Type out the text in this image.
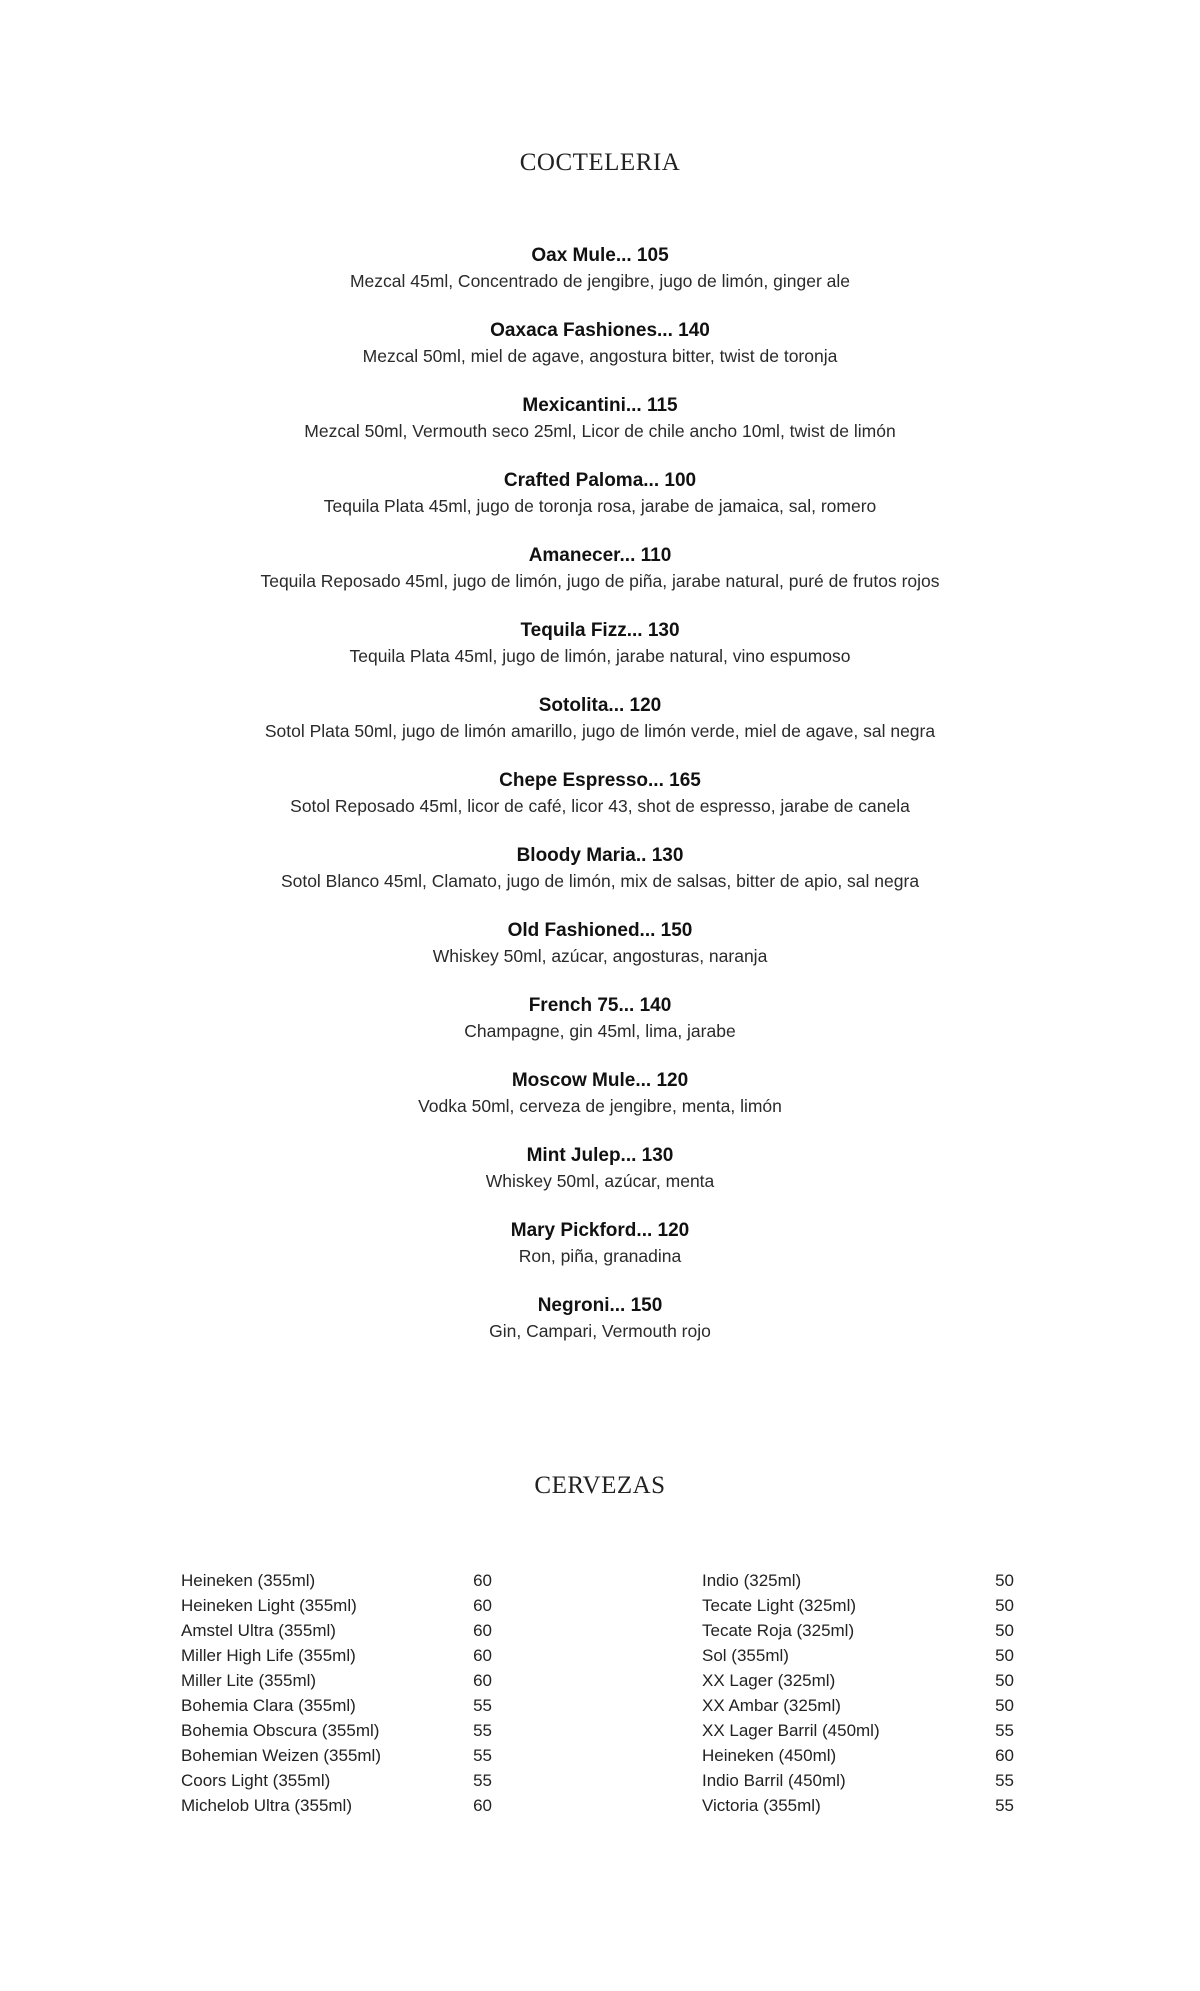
COCTELERIA
Oax Mule... 105
Mezcal 45ml, Concentrado de jengibre, jugo de limón, ginger ale
Oaxaca Fashiones... 140
Mezcal 50ml, miel de agave, angostura bitter, twist de toronja
Mexicantini... 115
Mezcal 50ml, Vermouth seco 25ml, Licor de chile ancho 10ml, twist de limón
Crafted Paloma... 100
Tequila Plata 45ml, jugo de toronja rosa, jarabe de jamaica, sal, romero
Amanecer... 110
Tequila Reposado 45ml, jugo de limón, jugo de piña, jarabe natural, puré de frutos rojos
Tequila Fizz... 130
Tequila Plata 45ml, jugo de limón, jarabe natural, vino espumoso
Sotolita... 120
Sotol Plata 50ml, jugo de limón amarillo, jugo de limón verde, miel de agave, sal negra
Chepe Espresso... 165
Sotol Reposado 45ml, licor de café, licor 43, shot de espresso, jarabe de canela
Bloody Maria.. 130
Sotol Blanco 45ml, Clamato, jugo de limón, mix de salsas, bitter de apio, sal negra
Old Fashioned... 150
Whiskey 50ml, azúcar, angosturas, naranja
French 75... 140
Champagne, gin 45ml, lima, jarabe
Moscow Mule... 120
Vodka 50ml, cerveza de jengibre, menta, limón
Mint Julep... 130
Whiskey 50ml, azúcar, menta
Mary Pickford... 120
Ron, piña, granadina
Negroni... 150
Gin, Campari, Vermouth rojo
CERVEZAS
Heineken (355ml)	60
Heineken Light (355ml)	60
Amstel Ultra (355ml)	60
Miller High Life (355ml)	60
Miller Lite (355ml)	60
Bohemia Clara (355ml)	55
Bohemia Obscura (355ml)	55
Bohemian Weizen (355ml)	55
Coors Light (355ml)	55
Michelob Ultra (355ml)	60
Indio (325ml)	50
Tecate Light (325ml)	50
Tecate Roja (325ml)	50
Sol (355ml)	50
XX Lager (325ml)	50
XX Ambar (325ml)	50
XX Lager Barril (450ml)	55
Heineken (450ml)	60
Indio Barril (450ml)	55
Victoria (355ml)	55
